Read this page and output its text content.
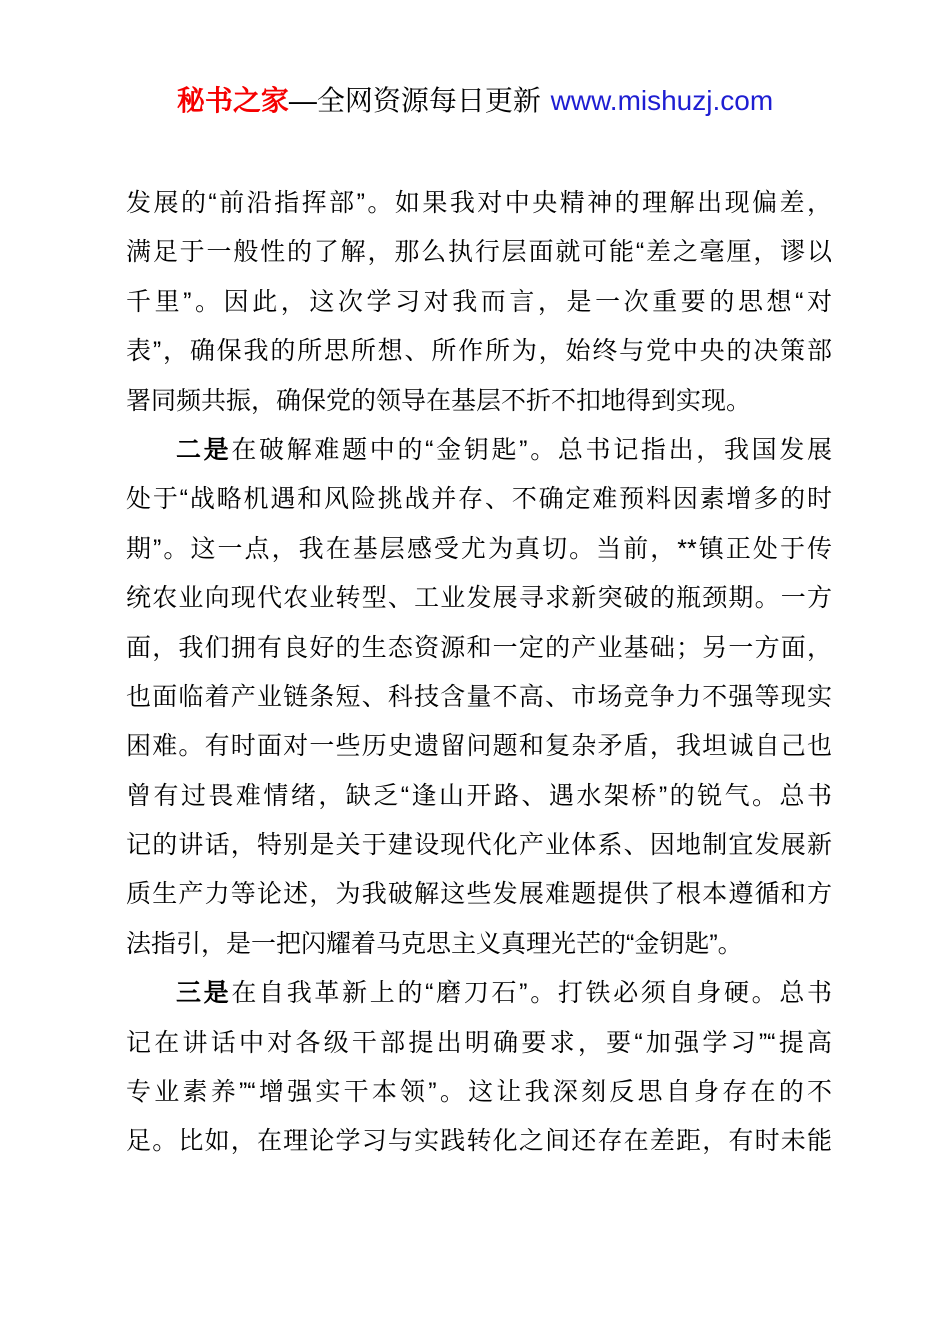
秘书之家—全网资源每日更新 www.mishuzj.com

发展的“前沿指挥部”。如果我对中央精神的理解出现偏差，
满足于一般性的了解，那么执行层面就可能“差之毫厘，谬以
千里”。因此，这次学习对我而言，是一次重要的思想“对
表”，确保我的所思所想、所作所为，始终与党中央的决策部
署同频共振，确保党的领导在基层不折不扣地得到实现。

二是在破解难题中的“金钥匙”。总书记指出，我国发展
处于“战略机遇和风险挑战并存、不确定难预料因素增多的时
期”。这一点，我在基层感受尤为真切。当前，**镇正处于传
统农业向现代农业转型、工业发展寻求新突破的瓶颈期。一方
面，我们拥有良好的生态资源和一定的产业基础；另一方面，
也面临着产业链条短、科技含量不高、市场竞争力不强等现实
困难。有时面对一些历史遗留问题和复杂矛盾，我坦诚自己也
曾有过畏难情绪，缺乏“逢山开路、遇水架桥”的锐气。总书
记的讲话，特别是关于建设现代化产业体系、因地制宜发展新
质生产力等论述，为我破解这些发展难题提供了根本遵循和方
法指引，是一把闪耀着马克思主义真理光芒的“金钥匙”。

三是在自我革新上的“磨刀石”。打铁必须自身硬。总书
记在讲话中对各级干部提出明确要求，要“加强学习”“提高
专业素养”“增强实干本领”。这让我深刻反思自身存在的不
足。比如，在理论学习与实践转化之间还存在差距，有时未能
